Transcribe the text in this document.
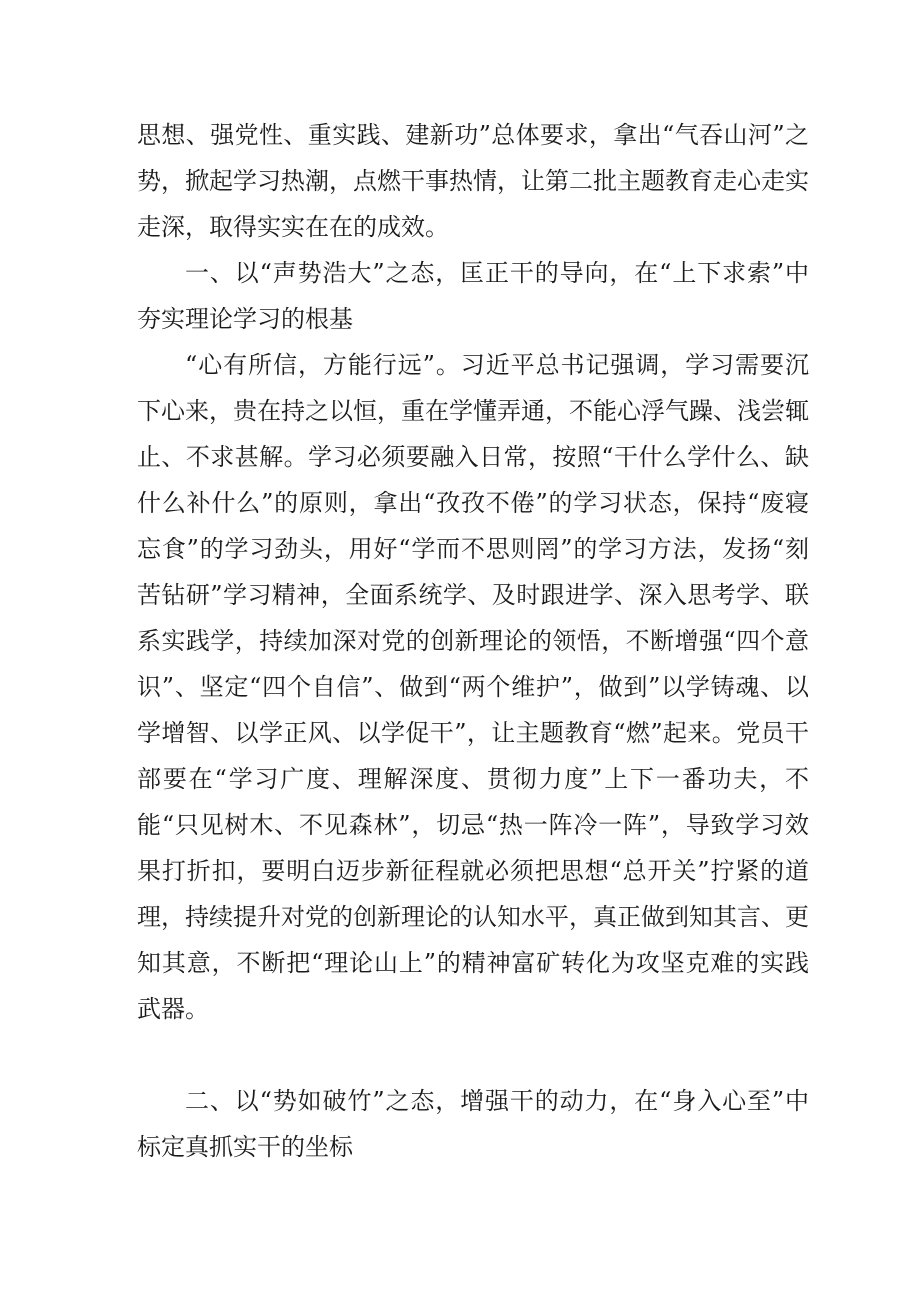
思想、强党性、重实践、建新功”总体要求，拿出“气吞山河”之势，掀起学习热潮，点燃干事热情，让第二批主题教育走心走实走深，取得实实在在的成效。

一、以“声势浩大”之态，匡正干的导向，在“上下求索”中夯实理论学习的根基

“心有所信，方能行远”。习近平总书记强调，学习需要沉下心来，贵在持之以恒，重在学懂弄通，不能心浮气躁、浅尝辄止、不求甚解。学习必须要融入日常，按照“干什么学什么、缺什么补什么”的原则，拿出“孜孜不倦”的学习状态，保持“废寝忘食”的学习劲头，用好“学而不思则罔”的学习方法，发扬“刻苦钻研”学习精神，全面系统学、及时跟进学、深入思考学、联系实践学，持续加深对党的创新理论的领悟，不断增强“四个意识”、坚定“四个自信”、做到“两个维护”，做到”以学铸魂、以学增智、以学正风、以学促干”，让主题教育“燃”起来。党员干部要在“学习广度、理解深度、贯彻力度”上下一番功夫，不能“只见树木、不见森林”，切忌“热一阵冷一阵”，导致学习效果打折扣，要明白迈步新征程就必须把思想“总开关”拧紧的道理，持续提升对党的创新理论的认知水平，真正做到知其言、更知其意，不断把“理论山上”的精神富矿转化为攻坚克难的实践武器。

二、以“势如破竹”之态，增强干的动力，在“身入心至”中标定真抓实干的坐标
